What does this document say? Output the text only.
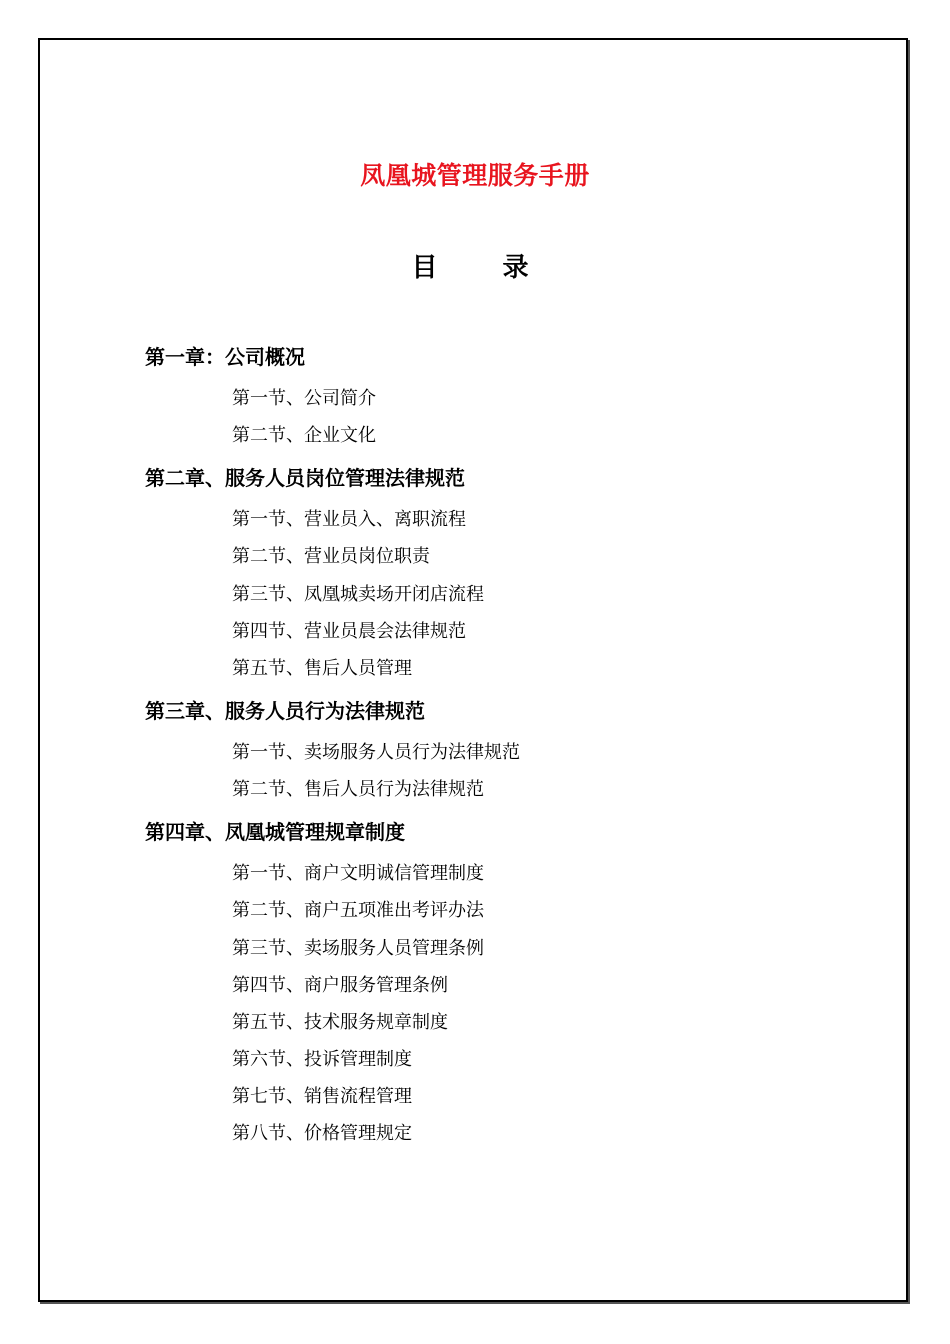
凤凰城管理服务手册
目 录
第一章：公司概况
第一节、公司简介
第二节、企业文化
第二章、服务人员岗位管理法律规范
第一节、营业员入、离职流程
第二节、营业员岗位职责
第三节、凤凰城卖场开闭店流程
第四节、营业员晨会法律规范
第五节、售后人员管理
第三章、服务人员行为法律规范
第一节、卖场服务人员行为法律规范
第二节、售后人员行为法律规范
第四章、凤凰城管理规章制度
第一节、商户文明诚信管理制度
第二节、商户五项准出考评办法
第三节、卖场服务人员管理条例
第四节、商户服务管理条例
第五节、技术服务规章制度
第六节、投诉管理制度
第七节、销售流程管理
第八节、价格管理规定
